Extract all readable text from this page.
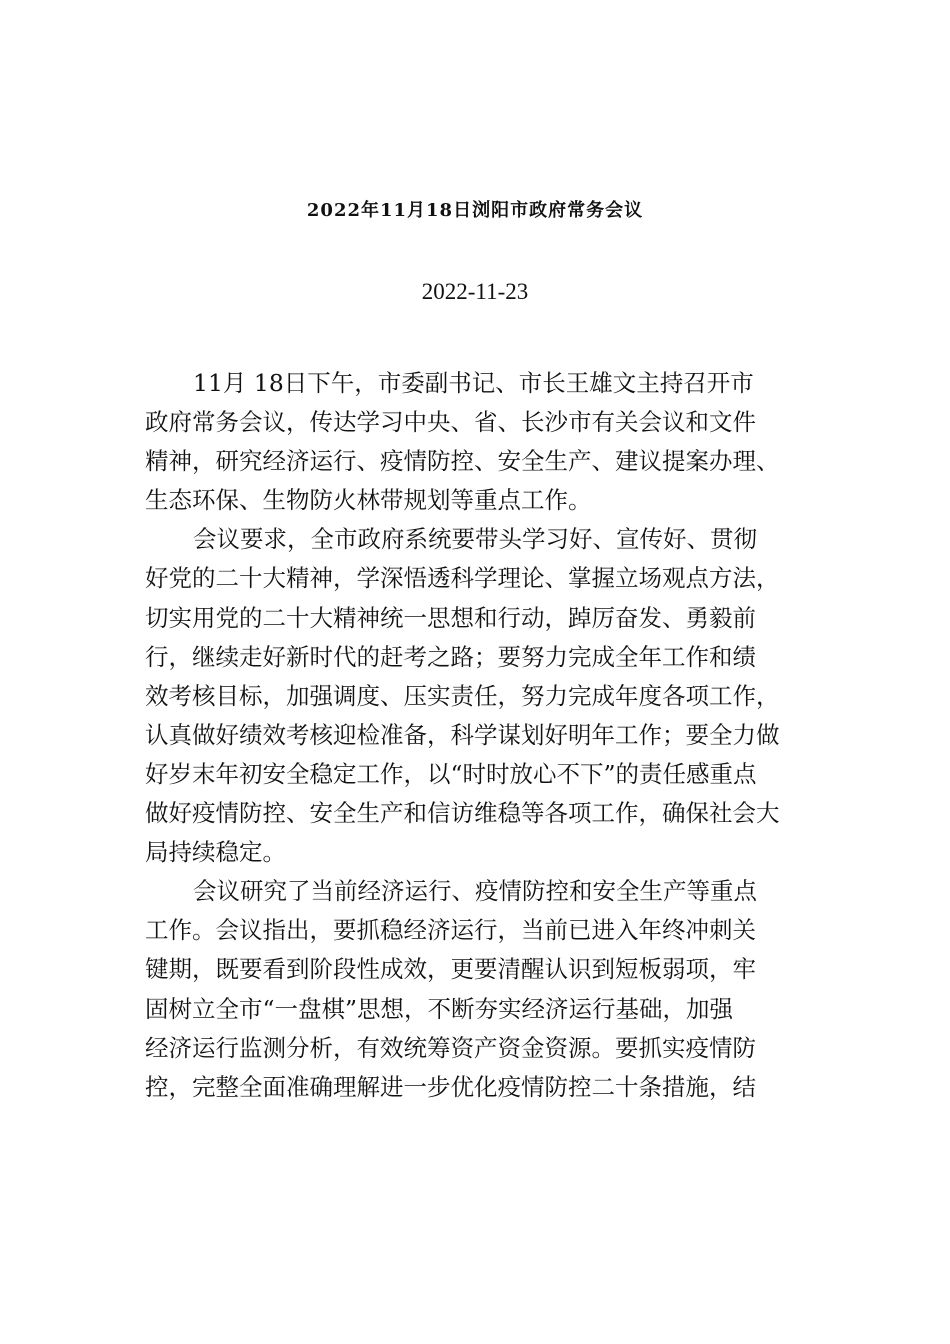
2022年11月18日浏阳市政府常务会议
2022-11-23
11月 18日下午，市委副书记、市长王雄文主持召开市
政府常务会议，传达学习中央、省、长沙市有关会议和文件
精神，研究经济运行、疫情防控、安全生产、建议提案办理、
生态环保、生物防火林带规划等重点工作。
会议要求，全市政府系统要带头学习好、宣传好、贯彻
好党的二十大精神，学深悟透科学理论、掌握立场观点方法，
切实用党的二十大精神统一思想和行动，踔厉奋发、勇毅前
行，继续走好新时代的赶考之路；要努力完成全年工作和绩
效考核目标，加强调度、压实责任，努力完成年度各项工作，
认真做好绩效考核迎检准备，科学谋划好明年工作；要全力做
好岁末年初安全稳定工作，以“时时放心不下”的责任感重点
做好疫情防控、安全生产和信访维稳等各项工作，确保社会大
局持续稳定。
会议研究了当前经济运行、疫情防控和安全生产等重点
工作。会议指出，要抓稳经济运行，当前已进入年终冲刺关
键期，既要看到阶段性成效，更要清醒认识到短板弱项，牢
固树立全市“一盘棋”思想，不断夯实经济运行基础，加强
经济运行监测分析，有效统筹资产资金资源。要抓实疫情防
控，完整全面准确理解进一步优化疫情防控二十条措施，结
